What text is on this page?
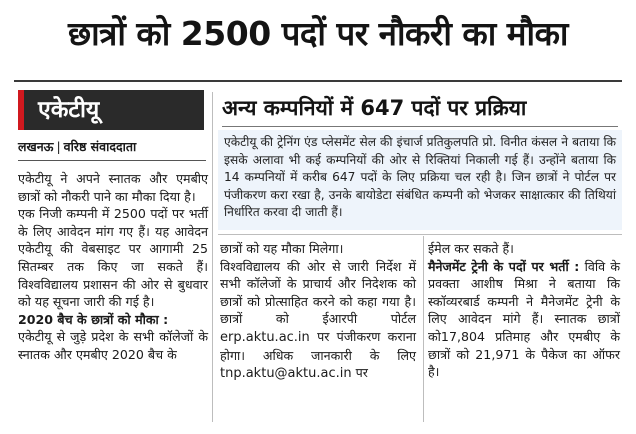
छात्रों को 2500 पदों पर नौकरी का मौका
एकेटीयू
लखनऊ | वरिष्ठ संवाददाता
अन्य कम्पनियों में 647 पदों पर प्रक्रिया
एकेटीयू की ट्रेनिंग एंड प्लेसमेंट सेल की इंचार्ज प्रतिकुलपति प्रो. विनीत कंसल ने बताया कि इसके अलावा भी कई कम्पनियों की ओर से रिक्तियां निकाली गई हैं। उन्होंने बताया कि 14 कम्पनियों में करीब 647 पदों के लिए प्रक्रिया चल रही है। जिन छात्रों ने पोर्टल पर पंजीकरण करा रखा है, उनके बायोडेटा संबंधित कम्पनी को भेजकर साक्षात्कार की तिथियां निर्धारित करवा दी जाती हैं।

एकेटीयू ने अपने स्नातक और एमबीए छात्रों को नौकरी पाने का मौका दिया है।

एक निजी कम्पनी में 2500 पदों पर भर्ती के लिए आवेदन मांग गए हैं। यह आवेदन एकेटीयू की वेबसाइट पर आगामी 25 सितम्बर तक किए जा सकते हैं। विश्वविद्यालय प्रशासन की ओर से बुधवार को यह सूचना जारी की गई है।

2020 बैच के छात्रों को मौका :

एकेटीयू से जुड़े प्रदेश के सभी कॉलेजों के स्नातक और एमबीए 2020 बैच के

छात्रों को यह मौका मिलेगा।

विश्वविद्यालय की ओर से जारी निर्देश में सभी कॉलेजों के प्राचार्य और निदेशक को छात्रों को प्रोत्साहित करने को कहा गया है। छात्रों को ईआरपी पोर्टल erp.aktu.ac.in पर पंजीकरण कराना होगा। अधिक जानकारी के लिए tnp.aktu@aktu.ac.in पर

ईमेल कर सकते हैं।

मैनेजमेंट ट्रेनी के पदों पर भर्ती : विवि के प्रवक्ता आशीष मिश्रा ने बताया कि स्कॉव्यरबार्ड कम्पनी ने मैनेजमेंट ट्रेनी के लिए आवेदन मांगे हैं। स्नातक छात्रों को17,804 प्रतिमाह और एमबीए के छात्रों को 21,971 के पैकेज का ऑफर है।
